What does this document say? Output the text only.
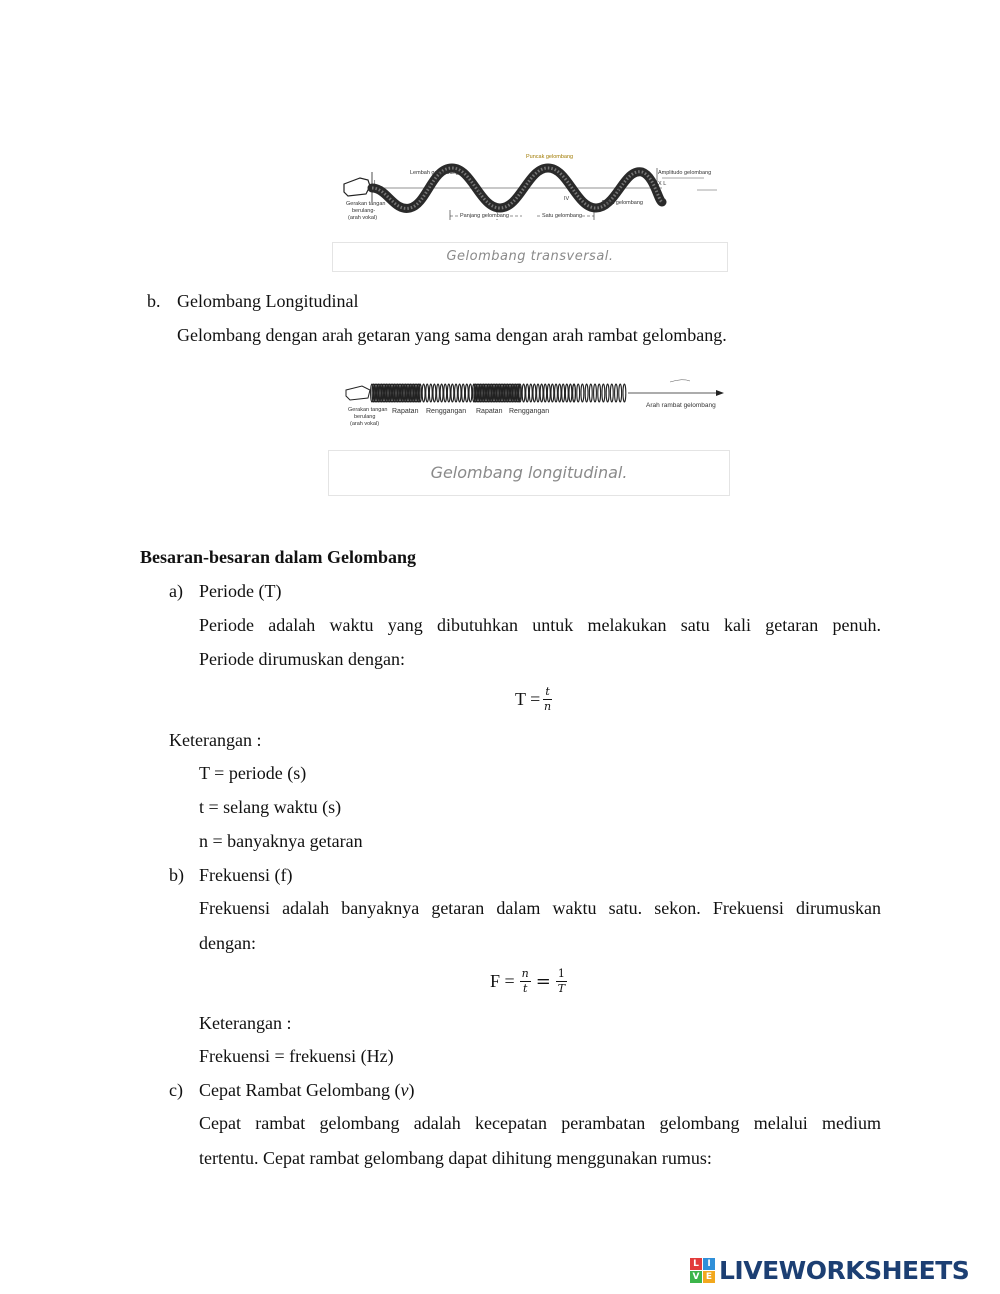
Puncak gelombang
Lembah gelombang	Amplitudo gelombang
Gerakan tangan
berulang-
(arah vokal)	Panjang gelombang	Satu gelombang
Bukit gelombang
III
V
IV
II
I	X L
Gelombang transversal.
b. Gelombang Longitudinal
Gelombang dengan arah getaran yang sama dengan arah rambat gelombang.
Gerakan tangan
berulang
(arah vokal)
Rapatan Renggangan Rapatan Renggangan
Arah rambat gelombang
Gelombang longitudinal.
Besaran-besaran dalam Gelombang
a) Periode (T)
Periode adalah waktu yang dibutuhkan untuk melakukan satu kali getaran penuh.
Periode dirumuskan dengan:
$T = \frac{t}{n}$
Keterangan :
T = periode (s)
t = selang waktu (s)
n = banyaknya getaran
b) Frekuensi (f)
Frekuensi adalah banyaknya getaran dalam waktu satu. sekon. Frekuensi dirumuskan
dengan:
$F = \frac{n}{t} = \frac{1}{T}$
Keterangan :
Frekuensi = frekuensi (Hz)
c) Cepat Rambat Gelombang (v)
Cepat rambat gelombang adalah kecepatan perambatan gelombang melalui medium
tertentu. Cepat rambat gelombang dapat dihitung menggunakan rumus:
L I
V E LIVEWORKSHEETS
